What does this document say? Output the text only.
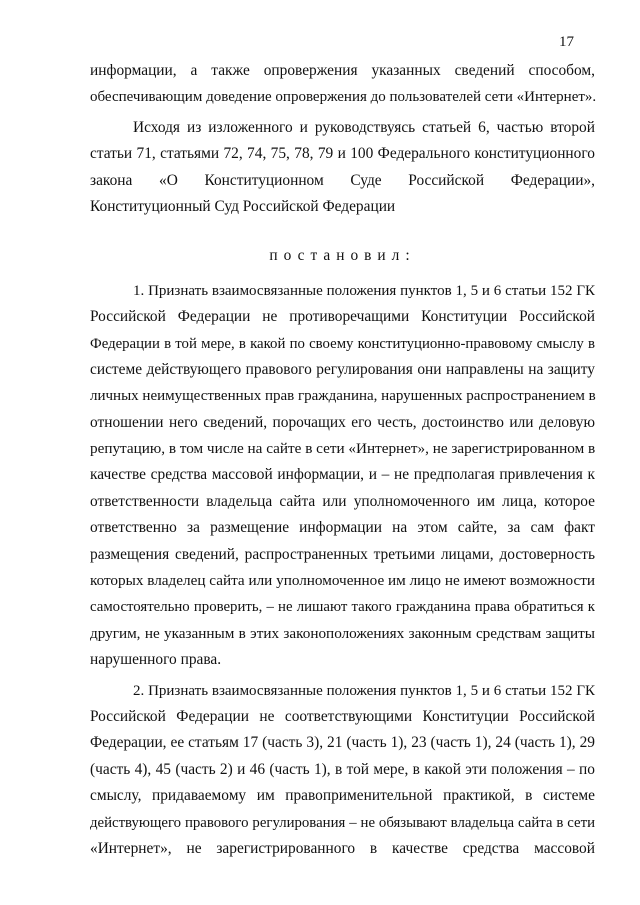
17
информации, а также опровержения указанных сведений способом,
обеспечивающим доведение опровержения до пользователей сети «Интернет».
Исходя из изложенного и руководствуясь статьей 6, частью второй
статьи 71, статьями 72, 74, 75, 78, 79 и 100 Федерального конституционного
закона «О Конституционном Суде Российской Федерации»,
Конституционный Суд Российской Федерации
постановил:
1. Признать взаимосвязанные положения пунктов 1, 5 и 6 статьи 152 ГК
Российской Федерации не противоречащими Конституции Российской
Федерации в той мере, в какой по своему конституционно-правовому смыслу в
системе действующего правового регулирования они направлены на защиту
личных неимущественных прав гражданина, нарушенных распространением в
отношении него сведений, порочащих его честь, достоинство или деловую
репутацию, в том числе на сайте в сети «Интернет», не зарегистрированном в
качестве средства массовой информации, и – не предполагая привлечения к
ответственности владельца сайта или уполномоченного им лица, которое
ответственно за размещение информации на этом сайте, за сам факт
размещения сведений, распространенных третьими лицами, достоверность
которых владелец сайта или уполномоченное им лицо не имеют возможности
самостоятельно проверить, – не лишают такого гражданина права обратиться к
другим, не указанным в этих законоположениях законным средствам защиты
нарушенного права.
2. Признать взаимосвязанные положения пунктов 1, 5 и 6 статьи 152 ГК
Российской Федерации не соответствующими Конституции Российской
Федерации, ее статьям 17 (часть 3), 21 (часть 1), 23 (часть 1), 24 (часть 1), 29
(часть 4), 45 (часть 2) и 46 (часть 1), в той мере, в какой эти положения – по
смыслу, придаваемому им правоприменительной практикой, в системе
действующего правового регулирования – не обязывают владельца сайта в сети
«Интернет», не зарегистрированного в качестве средства массовой
